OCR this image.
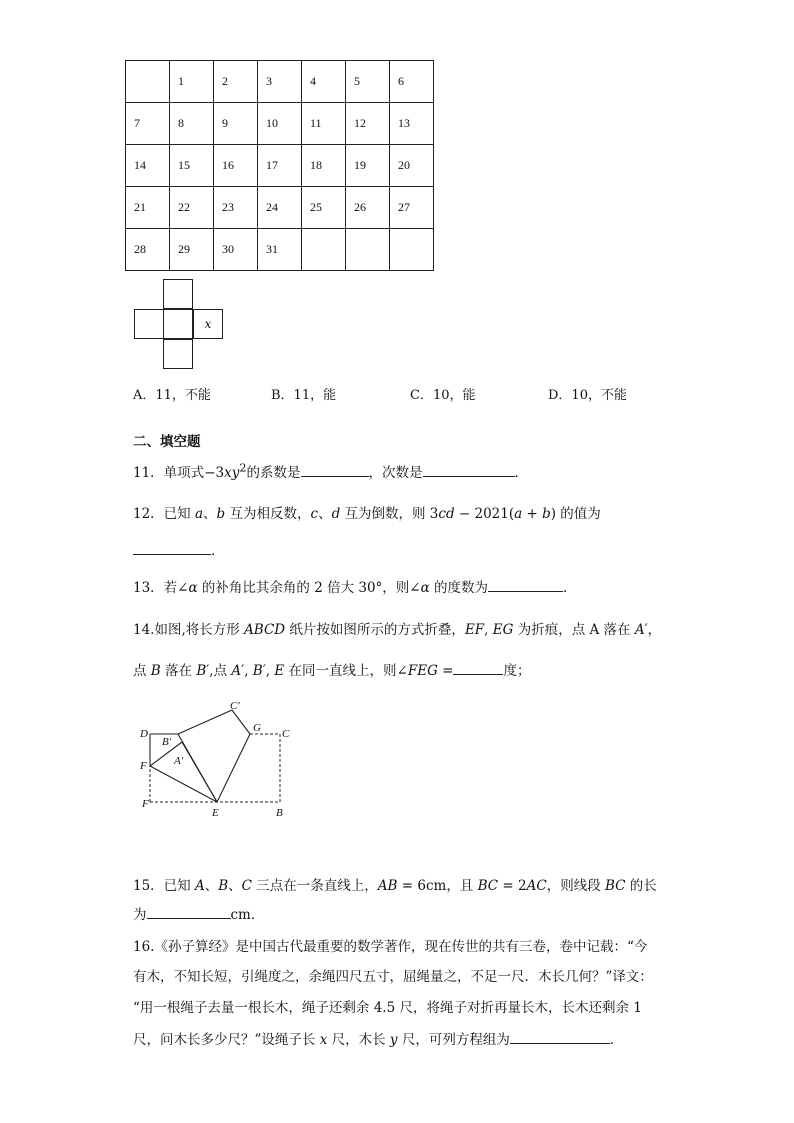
	1	2	3	4	5	6
7	8	9	10	11	12	13
14	15	16	17	18	19	20
21	22	23	24	25	26	27
28	29	30	31			
x
A．11，不能	B．11，能	C．10，能	D．10，不能
二、填空题
11．单项式$-3xy^2$的系数是	，次数是	．
12．已知 a、b 互为相反数，c、d 互为倒数，则 3cd − 2021(a + b) 的值为
．
13．若∠α 的补角比其余角的 2 倍大 30°，则∠α 的度数为	．
14.如图,将长方形 ABCD 纸片按如图所示的方式折叠，EF, EG 为折痕，点 A 落在 A′，
点 B 落在 B′,点 A′, B′, E 在同一直线上，则∠FEG =	度；
C′
G C
D
B′
A′
F
F
E	B
15．已知 A、B、C 三点在一条直线上，AB = 6cm，且 BC = 2AC，则线段 BC 的长
为	cm．
16.《孙子算经》是中国古代最重要的数学著作，现在传世的共有三卷，卷中记载：“今
有木，不知长短，引绳度之，余绳四尺五寸，屈绳量之，不足一尺．木长几何？”译文：
“用一根绳子去量一根长木，绳子还剩余 4.5 尺，将绳子对折再量长木，长木还剩余 1
尺，问木长多少尺？”设绳子长 x 尺，木长 y 尺，可列方程组为	．
